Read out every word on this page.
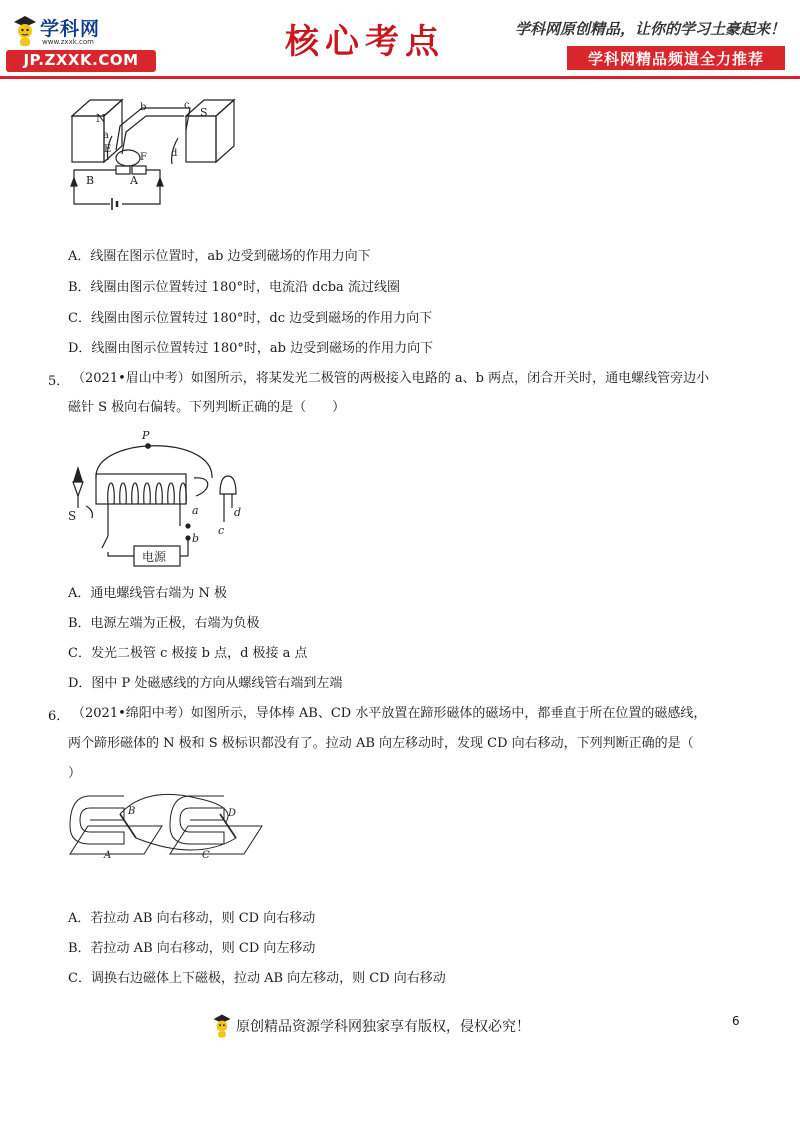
学科网
www.zxxk.com
JP.ZXXK.COM	核心考点	学科网原创精品，让你的学习土豪起来！
学科网精品频道全力推荐
N	S
a
b	c
d
E
F
B	A
A．线圈在图示位置时，ab 边受到磁场的作用力向下
B．线圈由图示位置转过 180°时，电流沿 dcba 流过线圈
C．线圈由图示位置转过 180°时，dc 边受到磁场的作用力向下
D．线圈由图示位置转过 180°时，ab 边受到磁场的作用力向下
5． （2021•眉山中考）如图所示，将某发光二极管的两极接入电路的 a、b 两点，闭合开关时，通电螺线管旁边小
磁针 S 极向右偏转。下列判断正确的是（　　）
P
S	a
b
c
d
电源
A．通电螺线管右端为 N 极
B．电源左端为正极，右端为负极
C．发光二极管 c 极接 b 点，d 极接 a 点
D．图中 P 处磁感线的方向从螺线管右端到左端
6． （2021•绵阳中考）如图所示，导体棒 AB、CD 水平放置在蹄形磁体的磁场中，都垂直于所在位置的磁感线，
两个蹄形磁体的 N 极和 S 极标识都没有了。拉动 AB 向左移动时，发现 CD 向右移动，下列判断正确的是（
）
A
B
C
D
A．若拉动 AB 向右移动，则 CD 向右移动
B．若拉动 AB 向右移动，则 CD 向左移动
C．调换右边磁体上下磁极，拉动 AB 向左移动，则 CD 向右移动
原创精品资源学科网独家享有版权，侵权必究！	6
